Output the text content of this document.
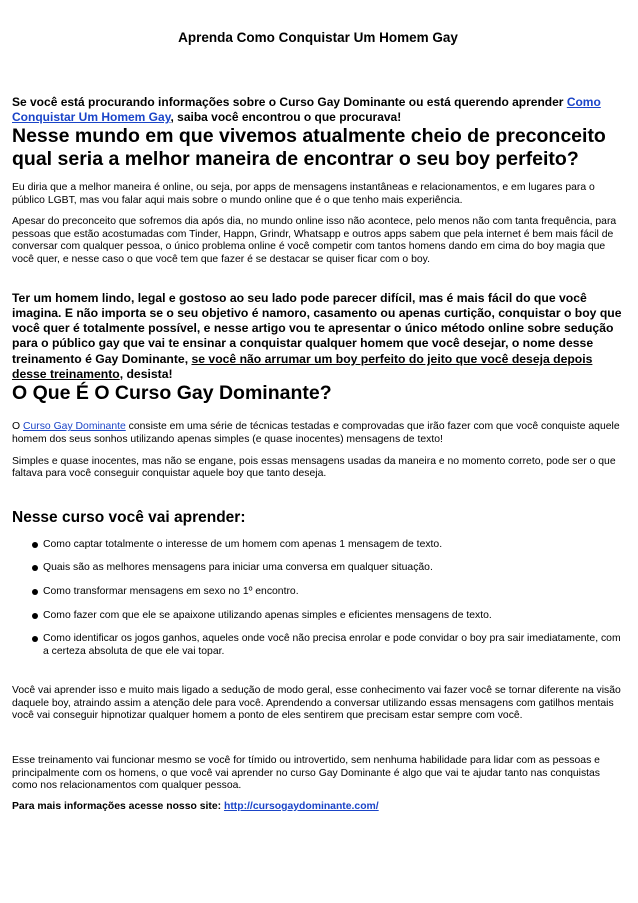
Aprenda Como Conquistar Um Homem Gay

Se você está procurando informações sobre o Curso Gay Dominante ou está querendo aprender Como Conquistar Um Homem Gay, saiba você encontrou o que procurava!

Nesse mundo em que vivemos atualmente cheio de preconceito qual seria a melhor maneira de encontrar o seu boy perfeito?

Eu diria que a melhor maneira é online, ou seja, por apps de mensagens instantâneas e relacionamentos, e em lugares para o público LGBT, mas vou falar aqui mais sobre o mundo online que é o que tenho mais experiência.

Apesar do preconceito que sofremos dia após dia, no mundo online isso não acontece, pelo menos não com tanta frequência, para pessoas que estão acostumadas com Tinder, Happn, Grindr, Whatsapp e outros apps sabem que pela internet é bem mais fácil de conversar com qualquer pessoa, o único problema online é você competir com tantos homens dando em cima do boy magia que você quer, e nesse caso o que você tem que fazer é se destacar se quiser ficar com o boy.

Ter um homem lindo, legal e gostoso ao seu lado pode parecer difícil, mas é mais fácil do que você imagina. E não importa se o seu objetivo é namoro, casamento ou apenas curtição, conquistar o boy que você quer é totalmente possível, e nesse artigo vou te apresentar o único método online sobre sedução para o público gay que vai te ensinar a conquistar qualquer homem que você desejar, o nome desse treinamento é Gay Dominante, se você não arrumar um boy perfeito do jeito que você deseja depois desse treinamento, desista!

O Que É O Curso Gay Dominante?

O Curso Gay Dominante consiste em uma série de técnicas testadas e comprovadas que irão fazer com que você conquiste aquele homem dos seus sonhos utilizando apenas simples (e quase inocentes) mensagens de texto!

Simples e quase inocentes, mas não se engane, pois essas mensagens usadas da maneira e no momento correto, pode ser o que faltava para você conseguir conquistar aquele boy que tanto deseja.

Nesse curso você vai aprender:
Como captar totalmente o interesse de um homem com apenas 1 mensagem de texto.
Quais são as melhores mensagens para iniciar uma conversa em qualquer situação.
Como transformar mensagens em sexo no 1º encontro.
Como fazer com que ele se apaixone utilizando apenas simples e eficientes mensagens de texto.
Como identificar os jogos ganhos, aqueles onde você não precisa enrolar e pode convidar o boy pra sair imediatamente, com a certeza absoluta de que ele vai topar.

Você vai aprender isso e muito mais ligado a sedução de modo geral, esse conhecimento vai fazer você se tornar diferente na visão daquele boy, atraindo assim a atenção dele para você. Aprendendo a conversar utilizando essas mensagens com gatilhos mentais você vai conseguir hipnotizar qualquer homem a ponto de eles sentirem que precisam estar sempre com você.

Esse treinamento vai funcionar mesmo se você for tímido ou introvertido, sem nenhuma habilidade para lidar com as pessoas e principalmente com os homens, o que você vai aprender no curso Gay Dominante é algo que vai te ajudar tanto nas conquistas como nos relacionamentos com qualquer pessoa.

Para mais informações acesse nosso site: http://cursogaydominante.com/
